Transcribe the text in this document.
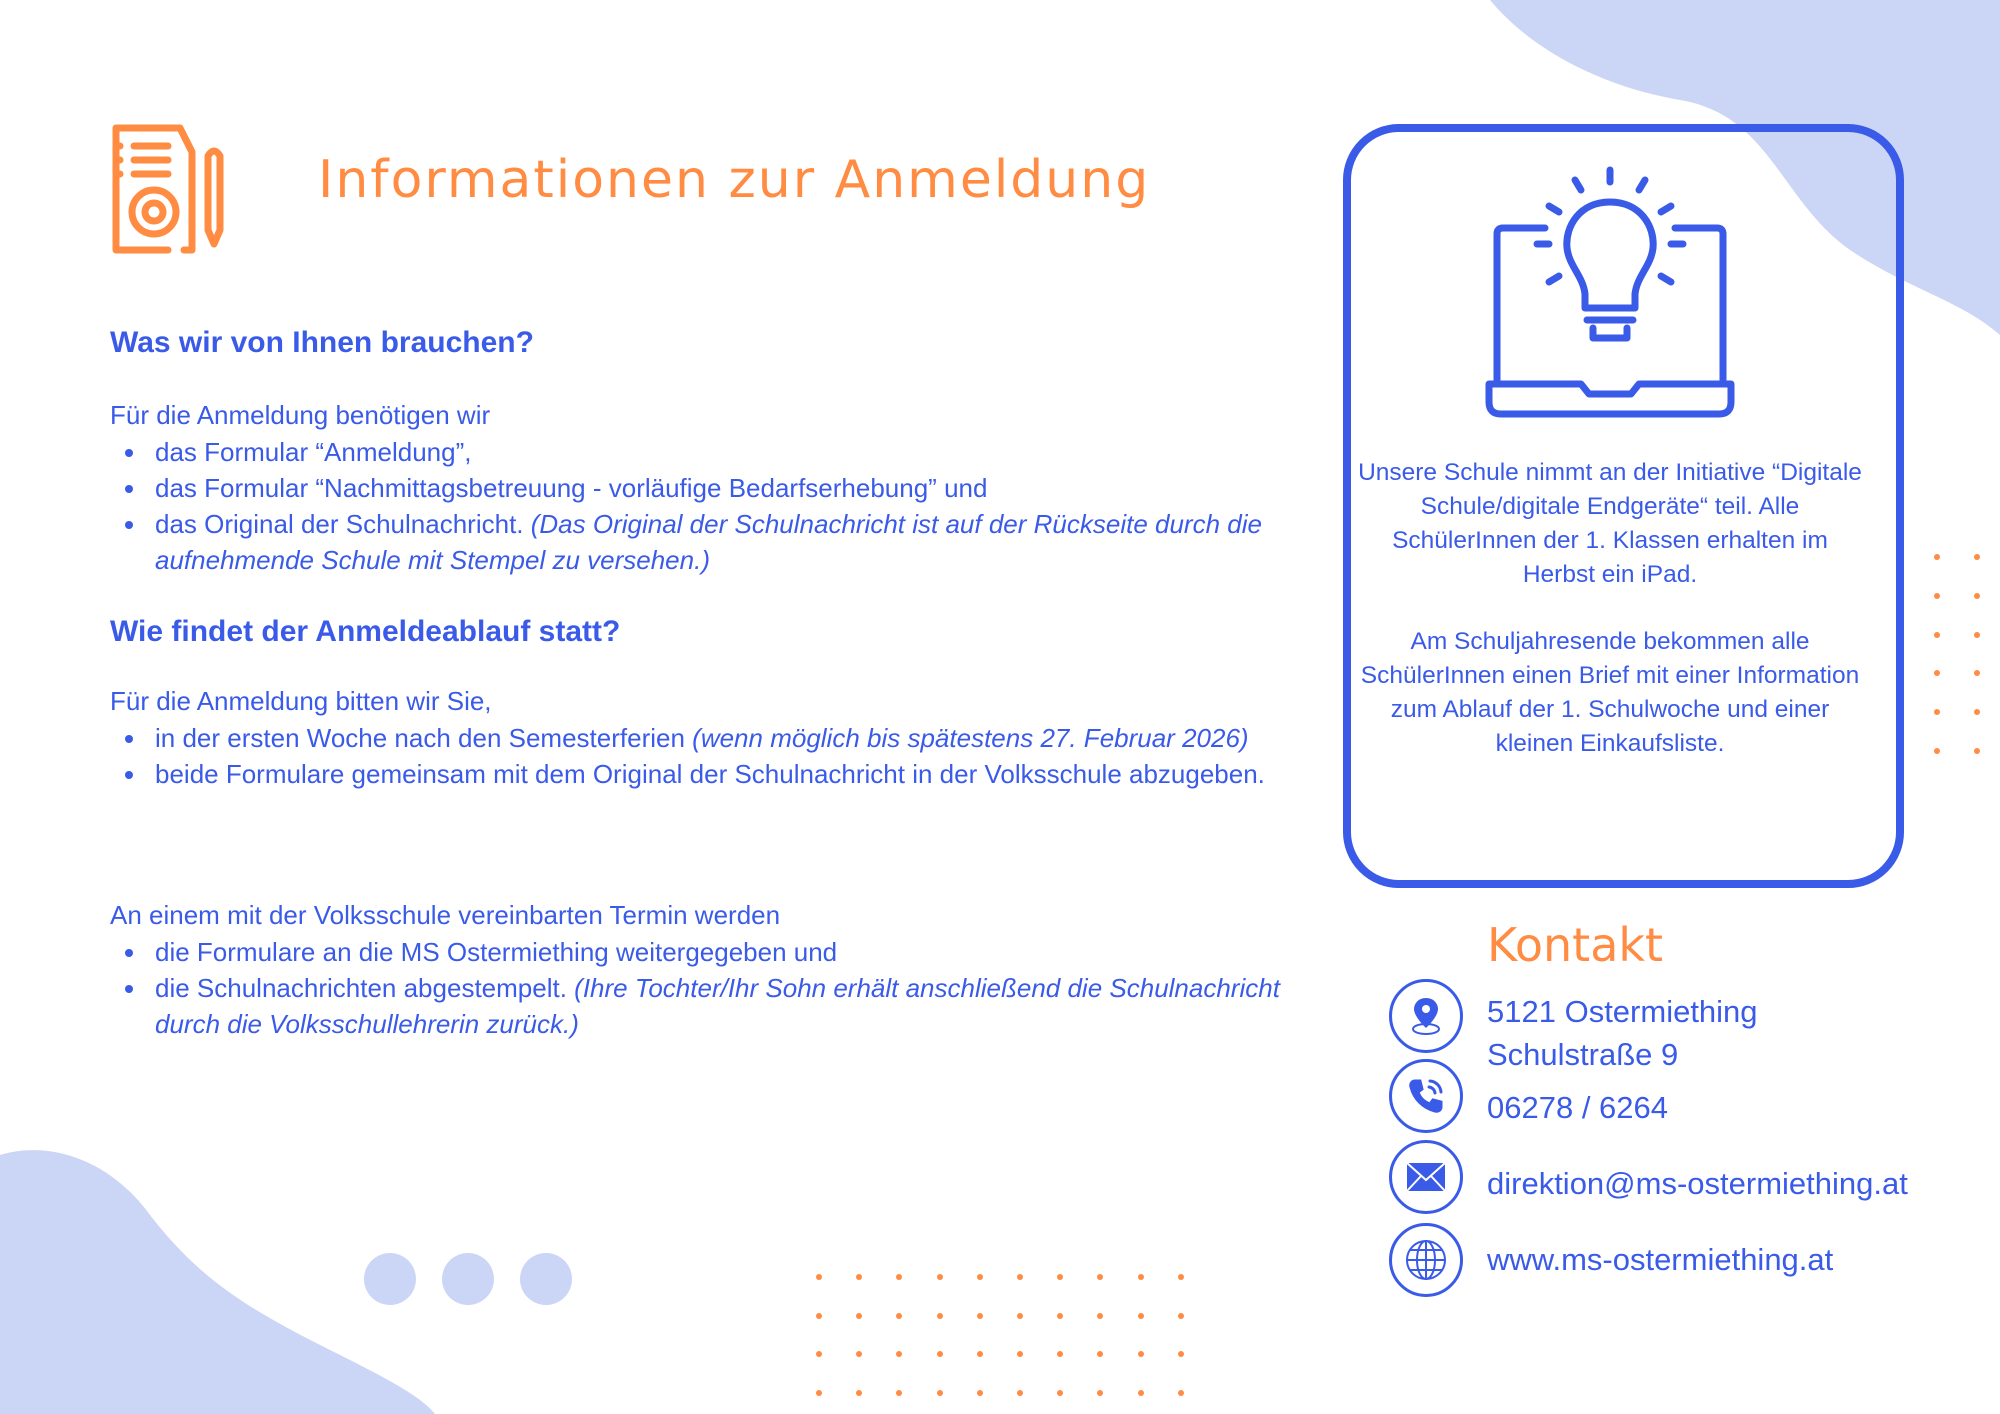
Informationen zur Anmeldung
Was wir von Ihnen brauchen?
Für die Anmeldung benötigen wir
das Formular “Anmeldung”,
das Formular “Nachmittagsbetreuung - vorläufige Bedarfserhebung” und
das Original der Schulnachricht. (Das Original der Schulnachricht ist auf der Rückseite durch die aufnehmende Schule mit Stempel zu versehen.)
Wie findet der Anmeldeablauf statt?
Für die Anmeldung bitten wir Sie,
in der ersten Woche nach den Semesterferien (wenn möglich bis spätestens 27. Februar 2026)
beide Formulare gemeinsam mit dem Original der Schulnachricht in der Volksschule abzugeben.
An einem mit der Volksschule vereinbarten Termin werden
die Formulare an die MS Ostermiething weitergegeben und
die Schulnachrichten abgestempelt. (Ihre Tochter/Ihr Sohn erhält anschließend die Schulnachricht durch die Volksschullehrerin zurück.)
Unsere Schule nimmt an der Initiative “Digitale Schule/digitale Endgeräte“ teil. Alle SchülerInnen der 1. Klassen erhalten im Herbst ein iPad.
Am Schuljahresende bekommen alle SchülerInnen einen Brief mit einer Information zum Ablauf der 1. Schulwoche und einer kleinen Einkaufsliste.
Kontakt
5121 Ostermiething
Schulstraße 9
06278 / 6264
direktion@ms-ostermiething.at
www.ms-ostermiething.at
